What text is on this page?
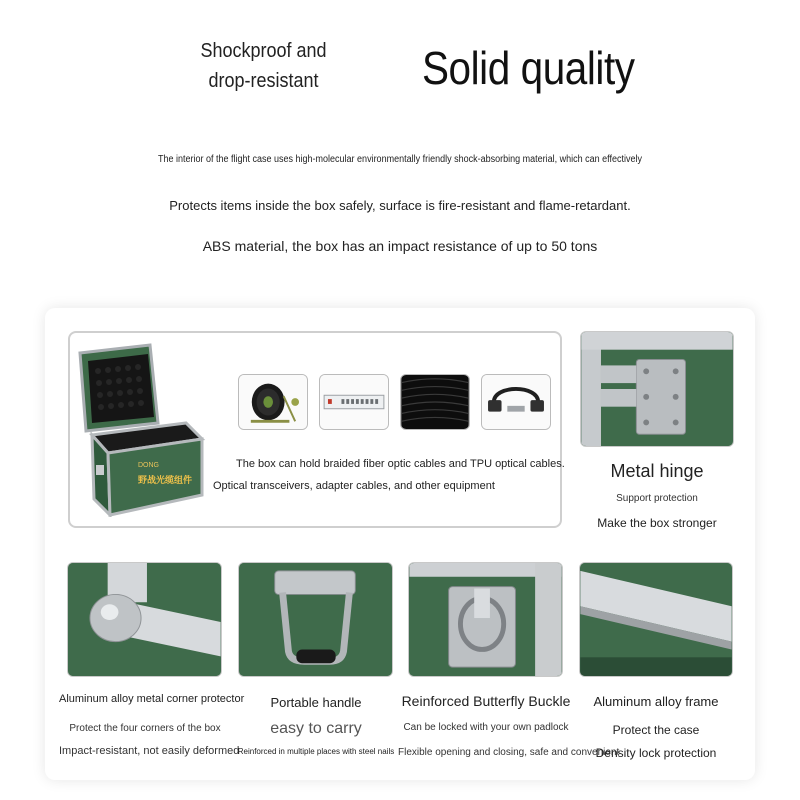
Shockproof and drop-resistant Solid quality
The interior of the flight case uses high-molecular environmentally friendly shock-absorbing material, which can effectively
Protects items inside the box safely, surface is fire-resistant and flame-retardant.
ABS material, the box has an impact resistance of up to 50 tons
DONG
野战光缆组件
The box can hold braided fiber optic cables and TPU optical cables.
Optical transceivers, adapter cables, and other equipment
Metal hinge
Support protection
Make the box stronger
Aluminum alloy metal corner protector
Protect the four corners of the box
Impact-resistant, not easily deformed
Portable handle
easy to carry
Reinforced in multiple places with steel nails
Reinforced Butterfly Buckle
Can be locked with your own padlock
Flexible opening and closing, safe and convenient
Aluminum alloy frame
Protect the case
Density lock protection
